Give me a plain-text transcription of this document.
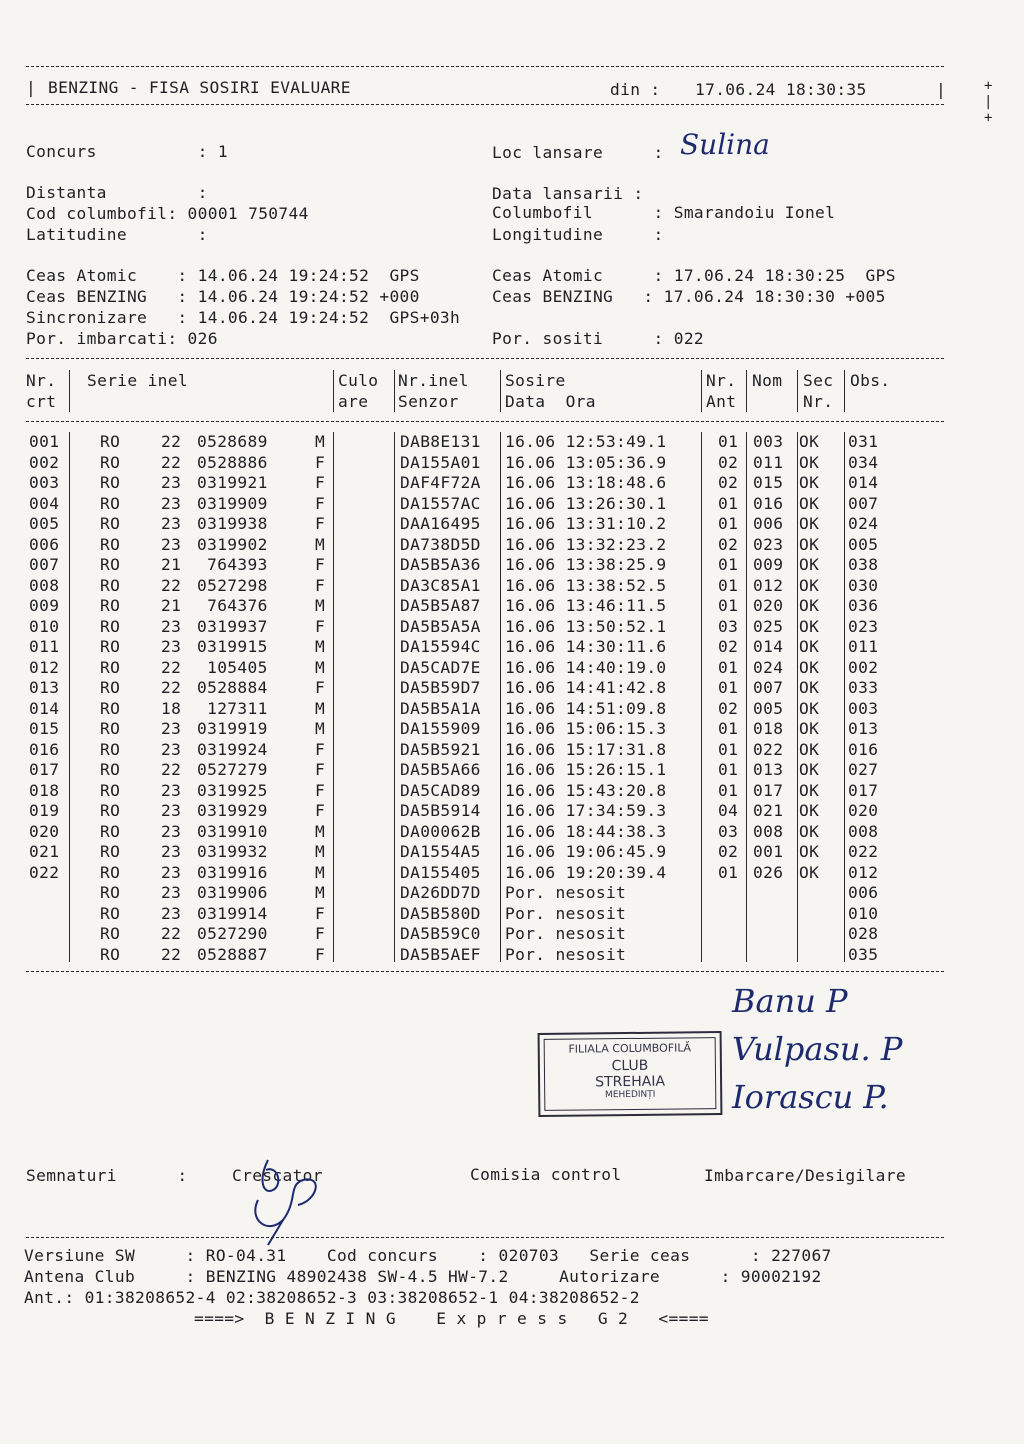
| BENZING - FISA SOSIRI EVALUARE	din : 17.06.24 18:30:35	|	+
|
+
Concurs          : 1
Distanta         :
Cod columbofil: 00001 750744
Latitudine       :
Ceas Atomic    : 14.06.24 19:24:52  GPS
Ceas BENZING   : 14.06.24 19:24:52 +000
Sincronizare   : 14.06.24 19:24:52  GPS+03h
Por. imbarcati: 026
Loc lansare     : Sulina
Data lansarii :
Columbofil      : Smarandoiu Ionel
Longitudine     :
Ceas Atomic     : 17.06.24 18:30:25  GPS
Ceas BENZING   : 17.06.24 18:30:30 +005
Por. sositi     : 022
Nr. Serie inel	Culo Nr.inel Sosire	Nr. Nom Sec Obs.
crt	are Senzor	Data  Ora	Ant	Nr.
001	RO	22 0528689	M	DAB8E131 16.06 12:53:49.1	01 003 OK 031
002	RO	22 0528886	F	DA155A01 16.06 13:05:36.9	02 011 OK 034
003	RO	23 0319921	F	DAF4F72A 16.06 13:18:48.6	02 015 OK 014
004	RO	23 0319909	F	DA1557AC 16.06 13:26:30.1	01 016 OK 007
005	RO	23 0319938	F	DAA16495 16.06 13:31:10.2	01 006 OK 024
006	RO	23 0319902	M	DA738D5D 16.06 13:32:23.2	02 023 OK 005
007	RO	21 764393	F	DA5B5A36 16.06 13:38:25.9	01 009 OK 038
008	RO	22 0527298	F	DA3C85A1 16.06 13:38:52.5	01 012 OK 030
009	RO	21 764376	M	DA5B5A87 16.06 13:46:11.5	01 020 OK 036
010	RO	23 0319937	F	DA5B5A5A 16.06 13:50:52.1	03 025 OK 023
011	RO	23 0319915	M	DA15594C 16.06 14:30:11.6	02 014 OK 011
012	RO	22 105405	M	DA5CAD7E 16.06 14:40:19.0	01 024 OK 002
013	RO	22 0528884	F	DA5B59D7 16.06 14:41:42.8	01 007 OK 033
014	RO	18 127311	M	DA5B5A1A 16.06 14:51:09.8	02 005 OK 003
015	RO	23 0319919	M	DA155909 16.06 15:06:15.3	01 018 OK 013
016	RO	23 0319924	F	DA5B5921 16.06 15:17:31.8	01 022 OK 016
017	RO	22 0527279	F	DA5B5A66 16.06 15:26:15.1	01 013 OK 027
018	RO	23 0319925	F	DA5CAD89 16.06 15:43:20.8	01 017 OK 017
019	RO	23 0319929	F	DA5B5914 16.06 17:34:59.3	04 021 OK 020
020	RO	23 0319910	M	DA00062B 16.06 18:44:38.3	03 008 OK 008
021	RO	23 0319932	M	DA1554A5 16.06 19:06:45.9	02 001 OK 022
022	RO	23 0319916	M	DA155405 16.06 19:20:39.4	01 026 OK 012
RO	23 0319906	M	DA26DD7D Por. nesosit	006
RO	23 0319914	F	DA5B580D Por. nesosit	010
RO	22 0527290	F	DA5B59C0 Por. nesosit	028
RO	22 0528887	F	DA5B5AEF Por. nesosit	035
FILIALA COLUMBOFILĂ
CLUB
STREHAIA
MEHEDINȚI
Banu P
Vulpasu. P
Iorascu P.
Semnaturi      :	Crescator	Comisia control	Imbarcare/Desigilare
Versiune SW     : RO-04.31    Cod concurs    : 020703   Serie ceas      : 227067
Antena Club     : BENZING 48902438 SW-4.5 HW-7.2     Autorizare      : 90002192
Ant.: 01:38208652-4 02:38208652-3 03:38208652-1 04:38208652-2
====>  B E N Z I N G    E x p r e s s   G 2   <====
